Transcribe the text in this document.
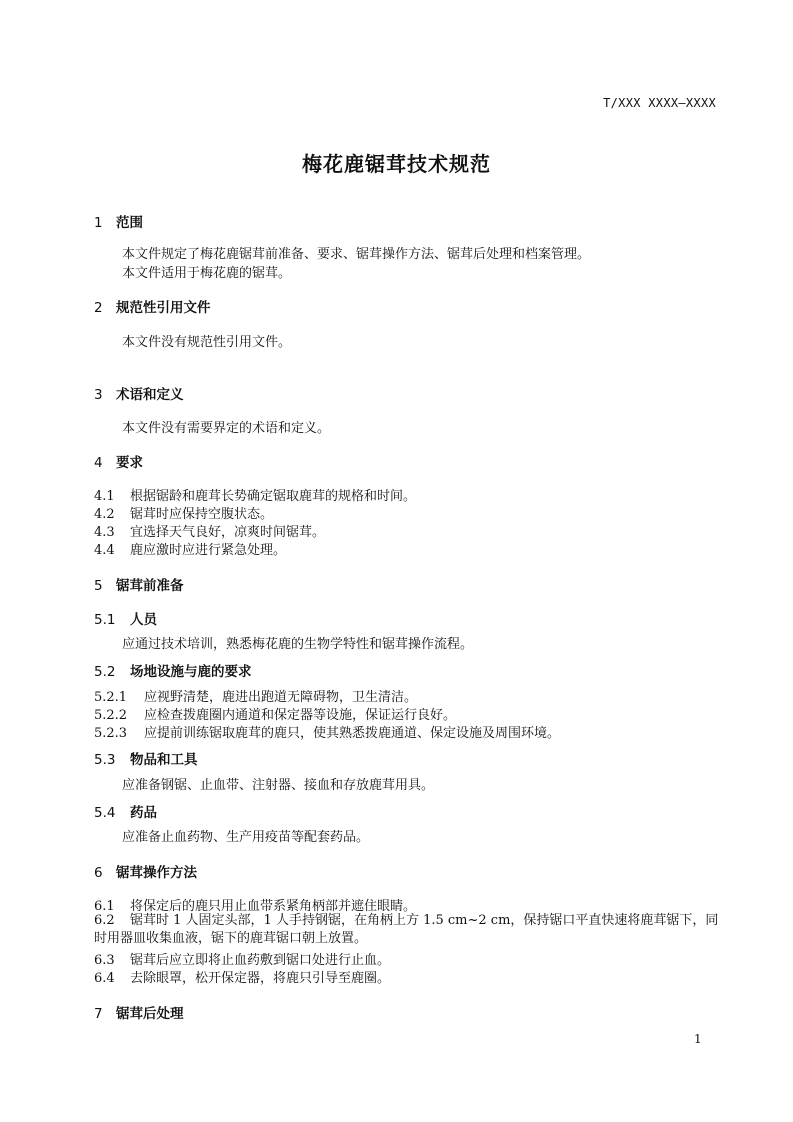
T/XXX XXXX—XXXX
梅花鹿锯茸技术规范
1 范围
本文件规定了梅花鹿锯茸前准备、要求、锯茸操作方法、锯茸后处理和档案管理。
本文件适用于梅花鹿的锯茸。
2 规范性引用文件
本文件没有规范性引用文件。
3 术语和定义
本文件没有需要界定的术语和定义。
4 要求
4.1 根据锯龄和鹿茸长势确定锯取鹿茸的规格和时间。
4.2 锯茸时应保持空腹状态。
4.3 宜选择天气良好，凉爽时间锯茸。
4.4 鹿应激时应进行紧急处理。
5 锯茸前准备
5.1 人员
应通过技术培训，熟悉梅花鹿的生物学特性和锯茸操作流程。
5.2 场地设施与鹿的要求
5.2.1 应视野清楚，鹿进出跑道无障碍物，卫生清洁。
5.2.2 应检查拨鹿圈内通道和保定器等设施，保证运行良好。
5.2.3 应提前训练锯取鹿茸的鹿只，使其熟悉拨鹿通道、保定设施及周围环境。
5.3 物品和工具
应准备钢锯、止血带、注射器、接血和存放鹿茸用具。
5.4 药品
应准备止血药物、生产用疫苗等配套药品。
6 锯茸操作方法
6.1 将保定后的鹿只用止血带系紧角柄部并遮住眼睛。
6.2 锯茸时 1 人固定头部，1 人手持钢锯，在角柄上方 1.5 cm~2 cm，保持锯口平直快速将鹿茸锯下，同时用器皿收集血液，锯下的鹿茸锯口朝上放置。
6.3 锯茸后应立即将止血药敷到锯口处进行止血。
6.4 去除眼罩，松开保定器，将鹿只引导至鹿圈。
7 锯茸后处理
1
